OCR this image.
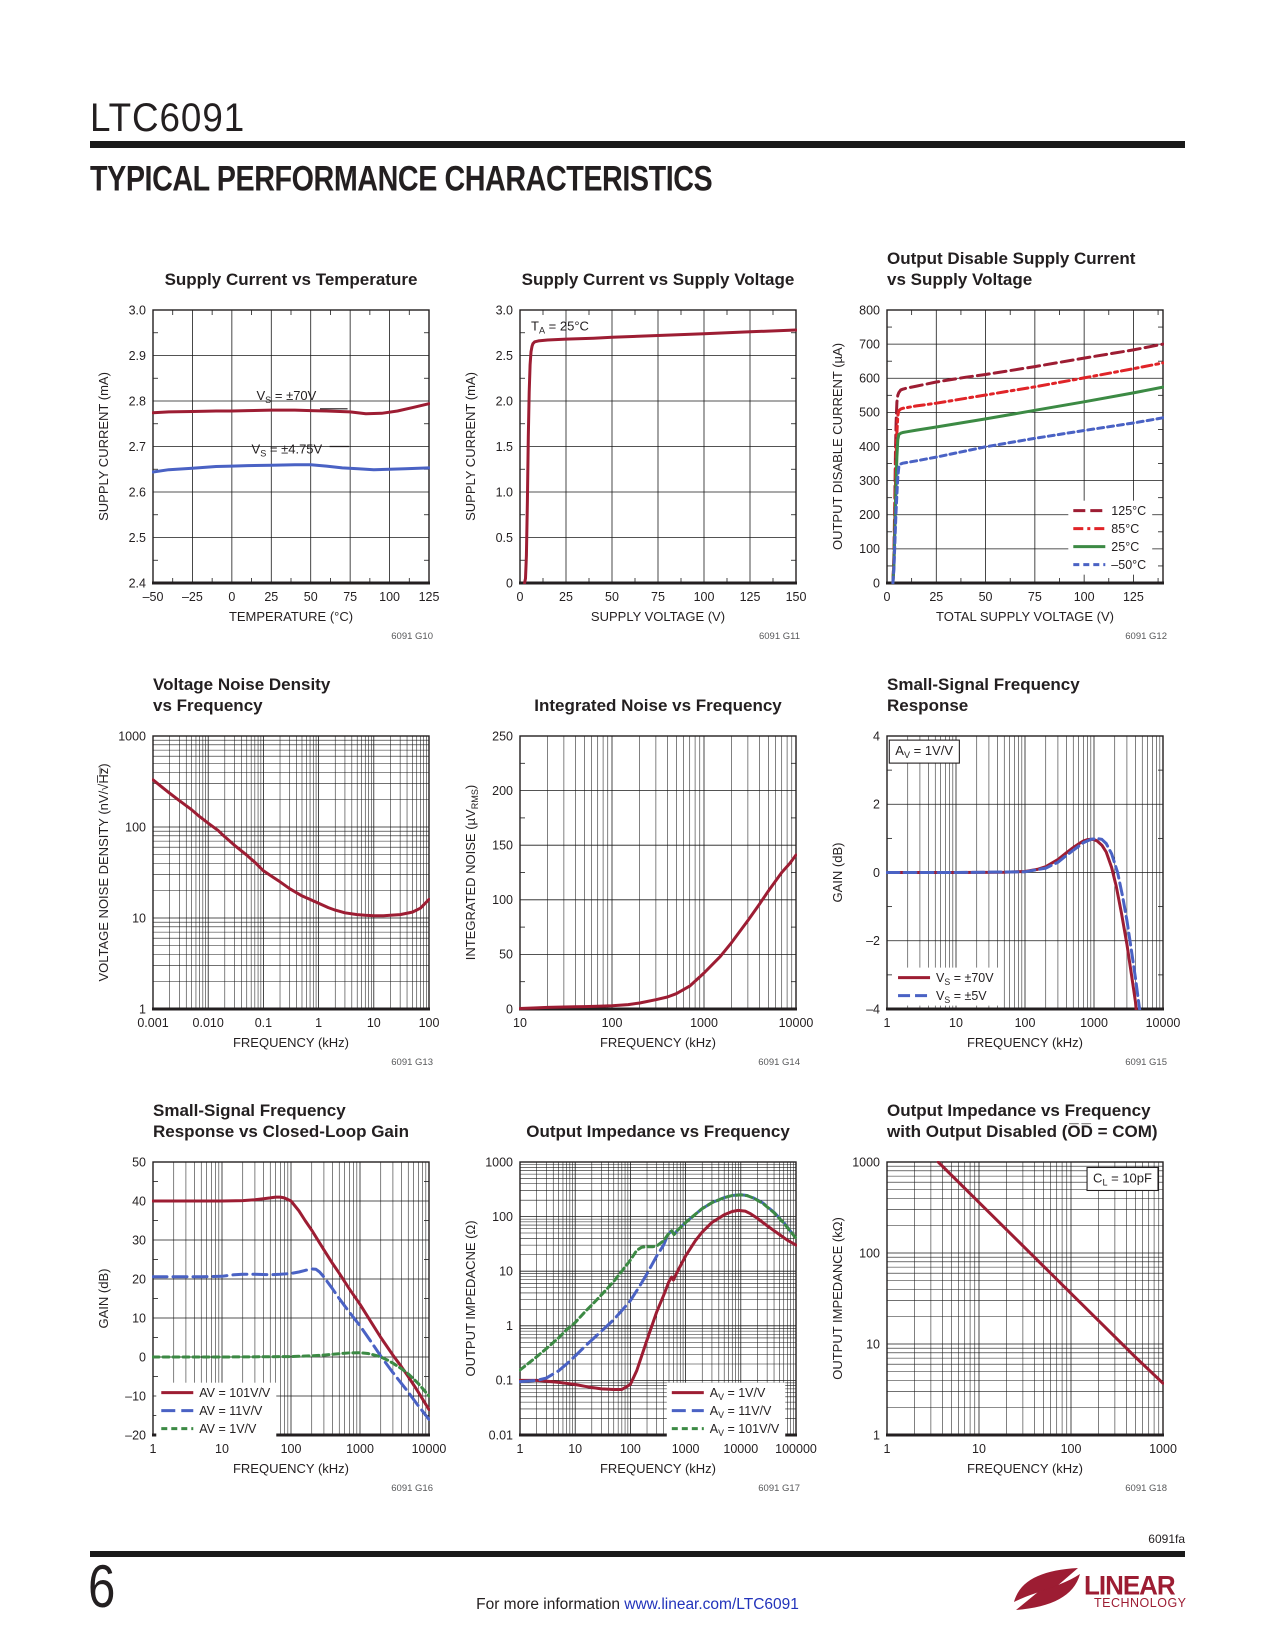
LTC6091
TYPICAL PERFORMANCE CHARACTERISTICS
Supply Current vs Temperature
–50 –25 0 25 50 75 100 125
2.4
2.5
2.6
2.7
2.8
2.9
3.0
TEMPERATURE (°C)
SUPPLY CURRENT (mA)
6091 G10
$V_S = \pm 70V$
$V_S = \pm 4.75V$
Supply Current vs Supply Voltage
0	25	50	75 100 125 150
0
0.5
1.0
1.5
2.0
2.5
3.0
SUPPLY VOLTAGE (V)
SUPPLY CURRENT (mA)
6091 G11
$T_A = 25^\circ C$
Output Disable Supply Current
vs Supply Voltage
0	25	50	75	100 125
0
100
200
300
400
500
600
700
800
TOTAL SUPPLY VOLTAGE (V)
OUTPUT DISABLE CURRENT (µA)
6091 G12
125°C
85°C
25°C
–50°C
Voltage Noise Density
vs Frequency
0.001 0.010 0.1	1	10	100
1
10
100
1000
FREQUENCY (kHz)
VOLTAGE NOISE DENSITY (nV/√H̅z̅)
6091 G13
Integrated Noise vs Frequency
10	100	1000	10000
0
50
100
150
200
250
FREQUENCY (kHz)
INTEGRATED NOISE (µV$_{RMS}$)
6091 G14
Small-Signal Frequency
Response
1	10	100	1000	10000
–4
–2
0
2
4
FREQUENCY (kHz)
GAIN (dB)
6091 G15
$V_S = \pm 70V$
$V_S = \pm 5V$
$A_V = 1V/V$
Small-Signal Frequency
Response vs Closed-Loop Gain
1	10	100	1000	10000
–20
–10
0
10
20
30
40
50
FREQUENCY (kHz)
GAIN (dB)
6091 G16
AV = 101V/V
AV = 11V/V
AV = 1V/V
Output Impedance vs Frequency
1	10	100 1000 10000 100000
0.01
0.1
1
10
100
1000
FREQUENCY (kHz)
OUTPUT IMPEDACNE (Ω)
6091 G17
$A_V = 1V/V$
$A_V = 11V/V$
$A_V = 101V/V$
Output Impedance vs Frequency
with Output Disabled (O̅D̅ = COM)
1	10	100	1000
1
10
100
1000
FREQUENCY (kHz)
OUTPUT IMPEDANCE (kΩ)
6091 G18
$C_L = 10pF$
6091fa
6	For more information www.linear.com/LTC6091
LINEAR
TECHNOLOGY
